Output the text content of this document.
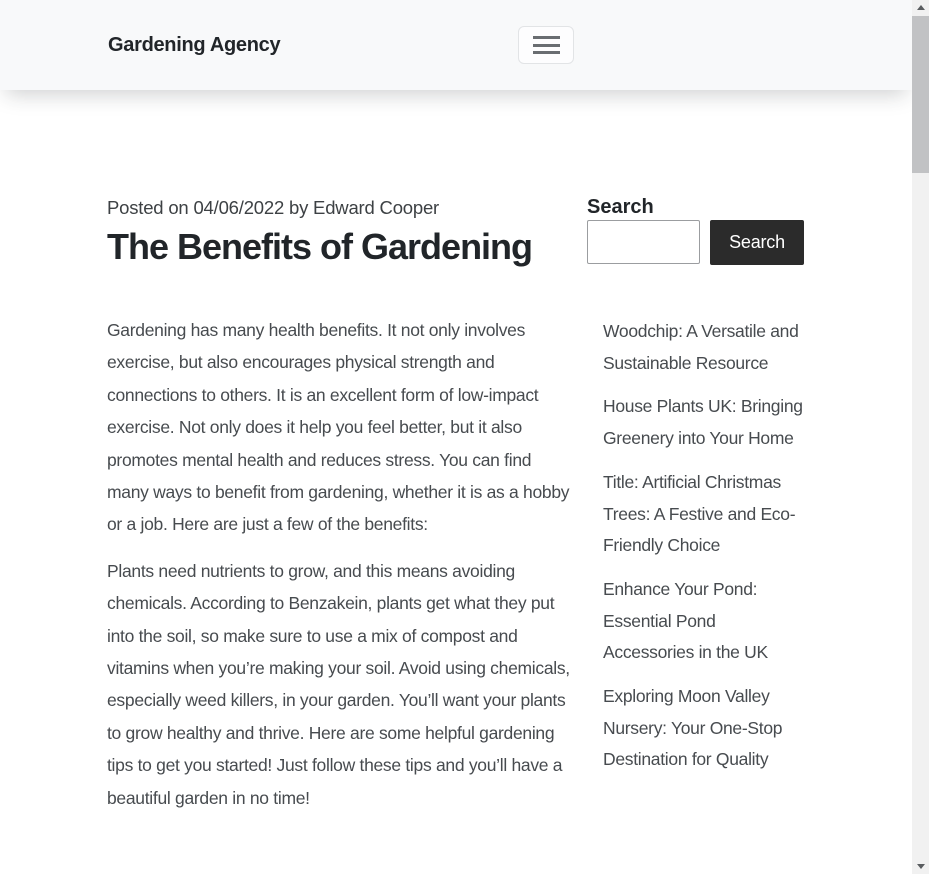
Gardening Agency
Posted on 04/06/2022 by Edward Cooper
The Benefits of Gardening

Gardening has many health benefits. It not only involves exercise, but also encourages physical strength and connections to others. It is an excellent form of low-impact exercise. Not only does it help you feel better, but it also promotes mental health and reduces stress. You can find many ways to benefit from gardening, whether it is as a hobby or a job. Here are just a few of the benefits:

Plants need nutrients to grow, and this means avoiding chemicals. According to Benzakein, plants get what they put into the soil, so make sure to use a mix of compost and vitamins when you’re making your soil. Avoid using chemicals, especially weed killers, in your garden. You’ll want your plants to grow healthy and thrive. Here are some helpful gardening tips to get you started! Just follow these tips and you’ll have a beautiful garden in no time!

Search
Search
Woodchip: A Versatile and Sustainable Resource
House Plants UK: Bringing Greenery into Your Home
Title: Artificial Christmas Trees: A Festive and Eco-Friendly Choice
Enhance Your Pond: Essential Pond Accessories in the UK
Exploring Moon Valley Nursery: Your One-Stop Destination for Quality
